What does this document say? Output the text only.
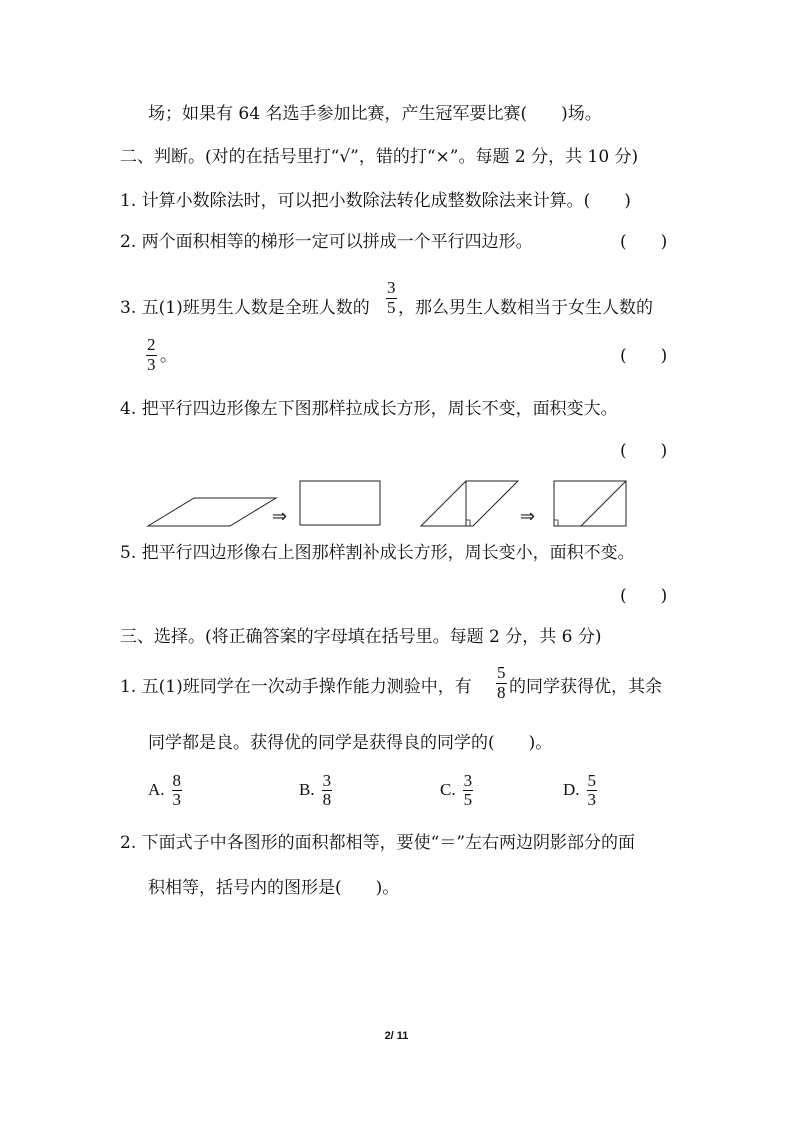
场；如果有 64 名选手参加比赛，产生冠军要比赛(　　)场。
二、判断。(对的在括号里打“√”，错的打“×”。每题 2 分，共 10 分)
1. 计算小数除法时，可以把小数除法转化成整数除法来计算。(　　)
2. 两个面积相等的梯形一定可以拼成一个平行四边形。	(　　)
3. 五(1)班男生人数是全班人数的 $\frac{3}{5}$ ，那么男生人数相当于女生人数的
$\frac{2}{3}$ 。	(　　)
4. 把平行四边形像左下图那样拉成长方形，周长不变，面积变大。
(　　)
⇒	⇒
5. 把平行四边形像右上图那样割补成长方形，周长变小，面积不变。
(　　)
三、选择。(将正确答案的字母填在括号里。每题 2 分，共 6 分)
1. 五(1)班同学在一次动手操作能力测验中，有 $\frac{5}{8}$ 的同学获得优，其余
同学都是良。获得优的同学是获得良的同学的(　　)。
A. $\frac{8}{3}$	B. $\frac{3}{8}$	C. $\frac{3}{5}$	D. $\frac{5}{3}$
2. 下面式子中各图形的面积都相等，要使“＝”左右两边阴影部分的面
积相等，括号内的图形是(　　)。
2/ 11
